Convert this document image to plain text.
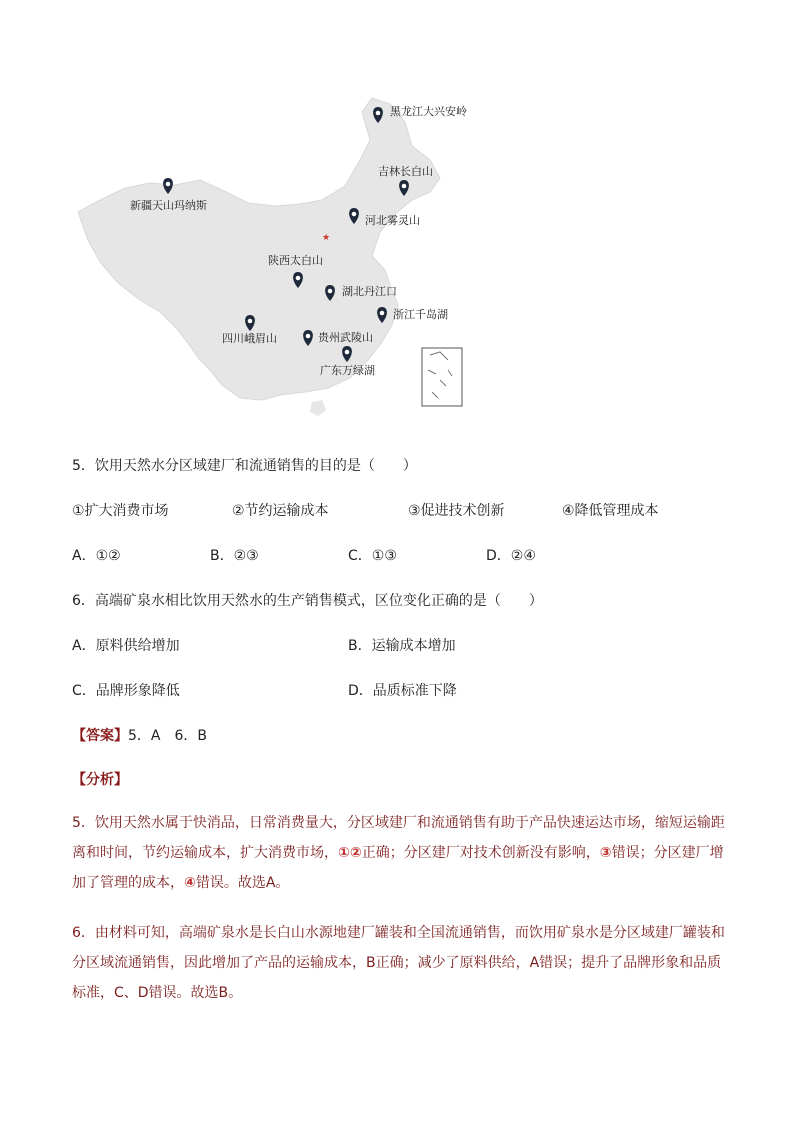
★
黑龙江大兴安岭
吉林长白山
新疆天山玛纳斯
河北雾灵山
陕西太白山
湖北丹江口
浙江千岛湖
四川峨眉山	贵州武陵山
广东万绿湖
5．饮用天然水分区域建厂和流通销售的目的是（　　）
①扩大消费市场	②节约运输成本	③促进技术创新	④降低管理成本
A．①②	B．②③	C．①③	D．②④
6．高端矿泉水相比饮用天然水的生产销售模式，区位变化正确的是（　　）
A．原料供给增加	B．运输成本增加
C．品牌形象降低	D．品质标准下降
【答案】5．A　6．B
【分析】
5．饮用天然水属于快消品，日常消费量大，分区域建厂和流通销售有助于产品快速运达市场，缩短运输距离和时间，节约运输成本，扩大消费市场，①②正确；分区建厂对技术创新没有影响，③错误；分区建厂增加了管理的成本，④错误。故选A。
6．由材料可知，高端矿泉水是长白山水源地建厂罐装和全国流通销售，而饮用矿泉水是分区域建厂罐装和分区域流通销售，因此增加了产品的运输成本，B正确；减少了原料供给，A错误；提升了品牌形象和品质标准，C、D错误。故选B。
